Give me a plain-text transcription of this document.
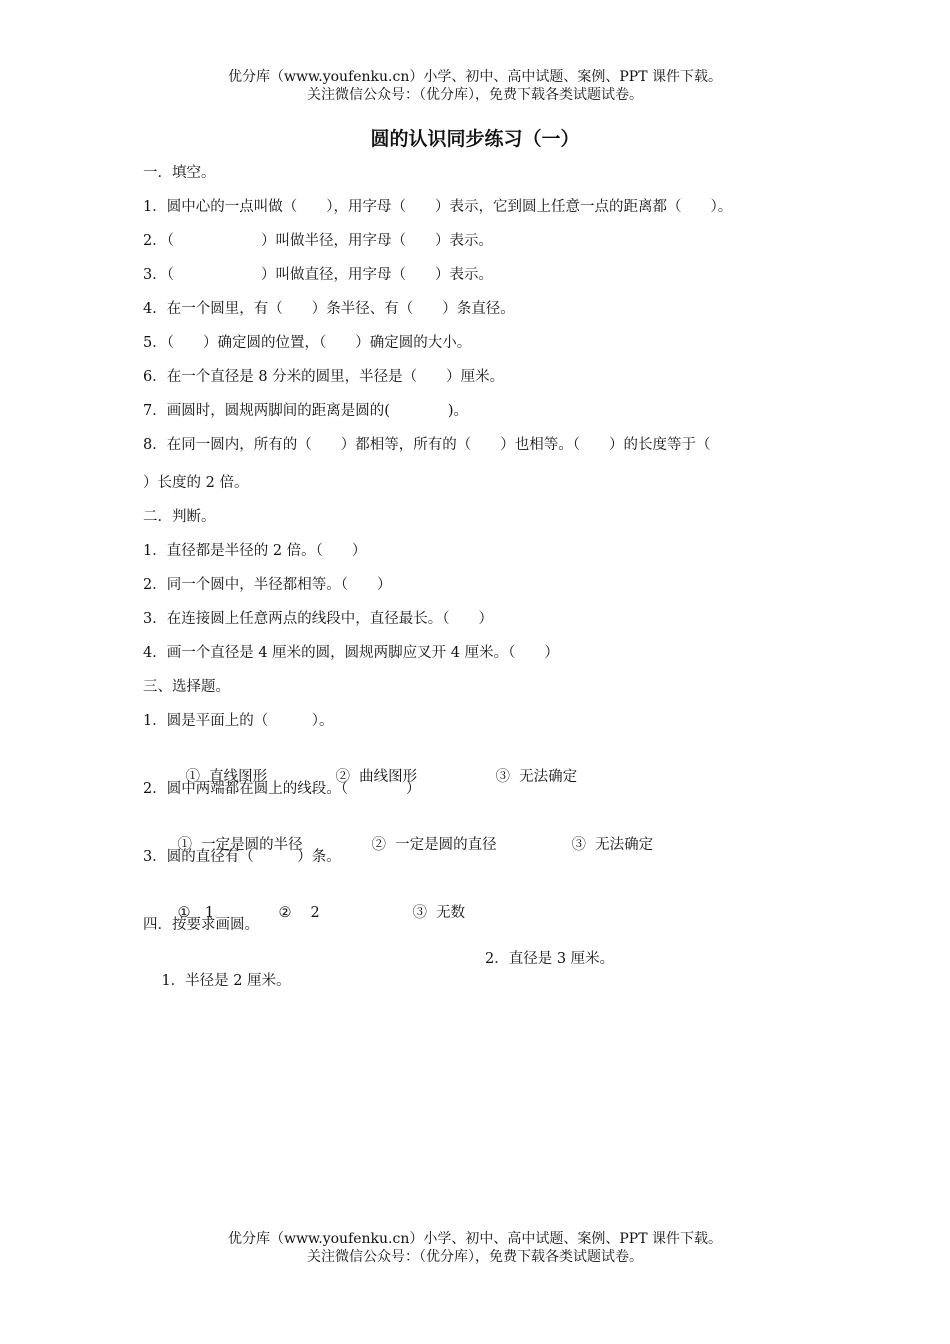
优分库（www.youfenku.cn）小学、初中、高中试题、案例、PPT 课件下载。
关注微信公众号：（优分库），免费下载各类试题试卷。
圆的认识同步练习（一）
一．填空。
1．圆中心的一点叫做（　　），用字母（　　）表示，它到圆上任意一点的距离都（　　）。
2．（　　　　　　）叫做半径，用字母（　　）表示。
3．（　　　　　　）叫做直径，用字母（　　）表示。
4．在一个圆里，有（　　）条半径、有（　　）条直径。
5．（　　）确定圆的位置，（　　）确定圆的大小。
6．在一个直径是 8 分米的圆里，半径是（　　）厘米。
7．画圆时，圆规两脚间的距离是圆的(　　　　)。
8．在同一圆内，所有的（　　）都相等，所有的（　　）也相等。（　　）的长度等于（
）长度的 2 倍。
二．判断。
1．直径都是半径的 2 倍。（　　）
2．同一个圆中，半径都相等。（　　）
3．在连接圆上任意两点的线段中，直径最长。（　　）
4．画一个直径是 4 厘米的圆，圆规两脚应叉开 4 厘米。（　　）
三、选择题。
1．圆是平面上的（　　　）。

①  直线图形	②  曲线图形	③  无法确定

2．圆中两端都在圆上的线段。（　　　　）

①  一定是圆的半径	②  一定是圆的直径	③  无法确定

3．圆的直径有（　　　）条。

①　1	②　 2	③  无数

四．按要求画圆。

1．半径是 2 厘米。

2．直径是 3 厘米。

优分库（www.youfenku.cn）小学、初中、高中试题、案例、PPT 课件下载。
关注微信公众号：（优分库），免费下载各类试题试卷。
